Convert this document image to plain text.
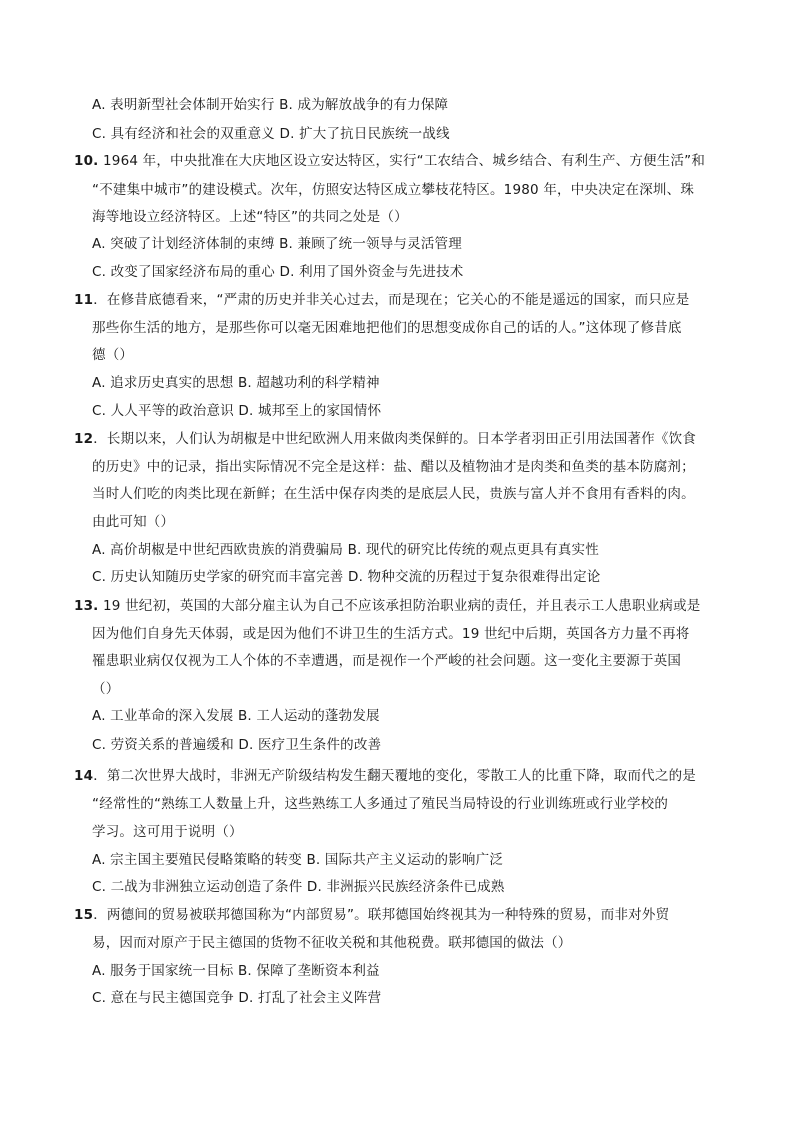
A. 表明新型社会体制开始实行 B. 成为解放战争的有力保障
C. 具有经济和社会的双重意义 D. 扩大了抗日民族统一战线
10. 1964 年，中央批准在大庆地区设立安达特区，实行“工农结合、城乡结合、有利生产、方便生活”和
“不建集中城市”的建设模式。次年，仿照安达特区成立攀枝花特区。1980 年，中央决定在深圳、珠
海等地设立经济特区。上述“特区”的共同之处是（）
A. 突破了计划经济体制的束缚 B. 兼顾了统一领导与灵活管理
C. 改变了国家经济布局的重心 D. 利用了国外资金与先进技术
11．在修昔底德看来，“严肃的历史并非关心过去，而是现在；它关心的不能是遥远的国家，而只应是
那些你生活的地方，是那些你可以毫无困难地把他们的思想变成你自己的话的人。”这体现了修昔底
德（）
A. 追求历史真实的思想 B. 超越功利的科学精神
C. 人人平等的政治意识 D. 城邦至上的家国情怀
12．长期以来，人们认为胡椒是中世纪欧洲人用来做肉类保鲜的。日本学者羽田正引用法国著作《饮食
的历史》中的记录，指出实际情况不完全是这样：盐、醋以及植物油才是肉类和鱼类的基本防腐剂；
当时人们吃的肉类比现在新鲜；在生活中保存肉类的是底层人民，贵族与富人并不食用有香料的肉。
由此可知（）
A. 高价胡椒是中世纪西欧贵族的消费骗局 B. 现代的研究比传统的观点更具有真实性
C. 历史认知随历史学家的研究而丰富完善 D. 物种交流的历程过于复杂很难得出定论
13. 19 世纪初，英国的大部分雇主认为自己不应该承担防治职业病的责任，并且表示工人患职业病或是
因为他们自身先天体弱，或是因为他们不讲卫生的生活方式。19 世纪中后期，英国各方力量不再将
罹患职业病仅仅视为工人个体的不幸遭遇，而是视作一个严峻的社会问题。这一变化主要源于英国
（）
A. 工业革命的深入发展 B. 工人运动的蓬勃发展
C. 劳资关系的普遍缓和 D. 医疗卫生条件的改善
14．第二次世界大战时，非洲无产阶级结构发生翻天覆地的变化，零散工人的比重下降，取而代之的是
“经常性的“熟练工人数量上升，这些熟练工人多通过了殖民当局特设的行业训练班或行业学校的
学习。这可用于说明（）
A. 宗主国主要殖民侵略策略的转变 B. 国际共产主义运动的影响广泛
C. 二战为非洲独立运动创造了条件 D. 非洲振兴民族经济条件已成熟
15．两德间的贸易被联邦德国称为“内部贸易”。联邦德国始终视其为一种特殊的贸易，而非对外贸
易，因而对原产于民主德国的货物不征收关税和其他税费。联邦德国的做法（）
A. 服务于国家统一目标 B. 保障了垄断资本利益
C. 意在与民主德国竞争 D. 打乱了社会主义阵营
